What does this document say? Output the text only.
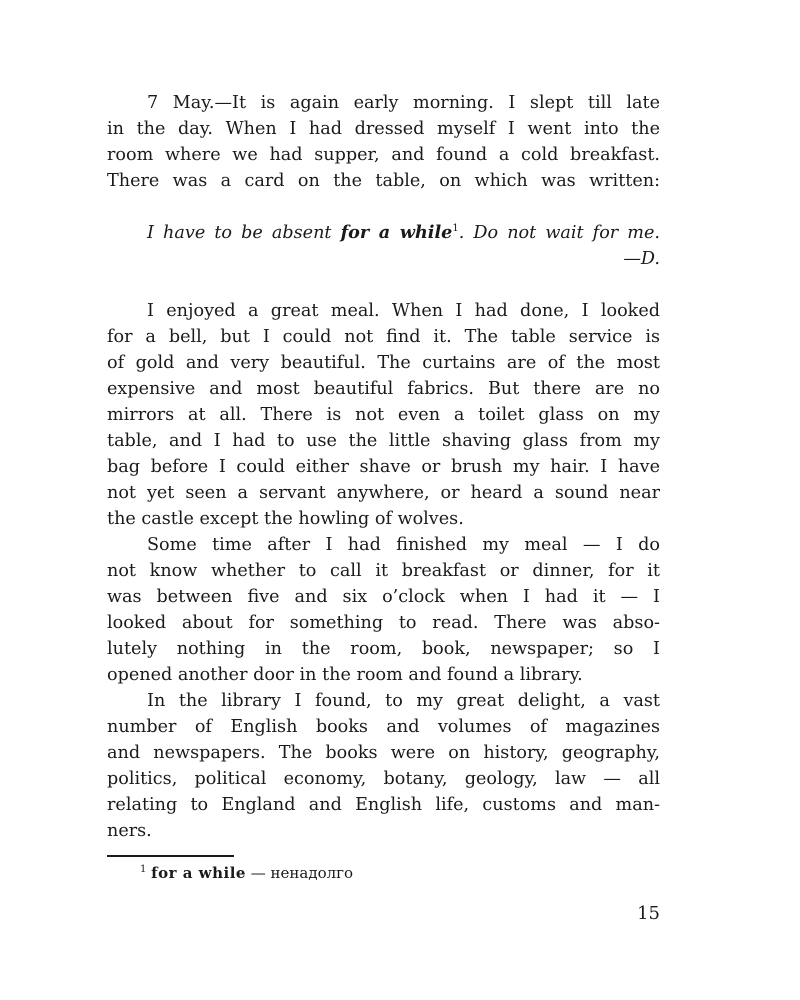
7 May.—It is again early morning. I slept till late
in the day. When I had dressed myself I went into the
room where we had supper, and found a cold breakfast.
There was a card on the table, on which was written:
I have to be absent for a while$^1$. Do not wait for me.
—D.
I enjoyed a great meal. When I had done, I looked
for a bell, but I could not find it. The table service is
of gold and very beautiful. The curtains are of the most
expensive and most beautiful fabrics. But there are no
mirrors at all. There is not even a toilet glass on my
table, and I had to use the little shaving glass from my
bag before I could either shave or brush my hair. I have
not yet seen a servant anywhere, or heard a sound near
the castle except the howling of wolves.
Some time after I had finished my meal — I do
not know whether to call it breakfast or dinner, for it
was between five and six o’clock when I had it — I
looked about for something to read. There was abso-
lutely nothing in the room, book, newspaper; so I
opened another door in the room and found a library.
In the library I found, to my great delight, a vast
number of English books and volumes of magazines
and newspapers. The books were on history, geography,
politics, political economy, botany, geology, law — all
relating to England and English life, customs and man-
ners.
$^1$ for a while — ненадолго
15
